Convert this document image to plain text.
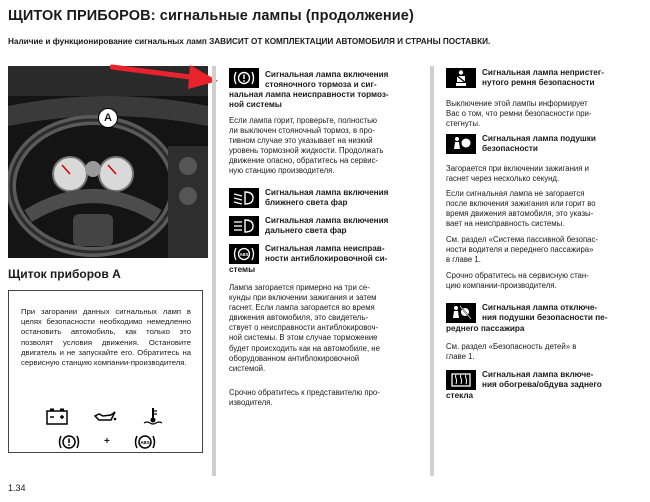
ЩИТОК ПРИБОРОВ: сигнальные лампы (продолжение)
Наличие и функционирование сигнальных ламп ЗАВИСИТ ОТ КОМПЛЕКТАЦИИ АВТОМОБИЛЯ И СТРАНЫ ПОСТАВКИ.
A
Щиток приборов А
При загорании данных сигнальных ламп в целях безопасности необходимо немедленно остановить автомобиль, как только это позволят условия движения. Остановите двигатель и не запускайте его. Обратитесь на сервисную станцию компании-производителя.
+	ABS
1.34
Сигнальная лампа включения
стояночного тормоза и сиг-
нальная лампа неисправности тормоз-
ной системы
Если лампа горит, проверьте, полностью
ли выключен стояночный тормоз, в про-
тивном случае это указывает на низкий
уровень тормозной жидкости. Продолжать
движение опасно, обратитесь на сервис-
ную станцию производителя.
Сигнальная лампа включения
ближнего света фар
Сигнальная лампа включения
дальнего света фар
ABS
Сигнальная лампа неисправ-
ности антиблокировочной си-
стемы
Лампа загорается примерно на три се-
кунды при включении зажигания и затем
гаснет. Если лампа загорается во время
движения автомобиля, это свидетель-
ствует о неисправности антиблокировоч-
ной системы. В этом случае торможение
будет происходить как на автомобиле, не
оборудованном антиблокировочной
системой.
Срочно обратитесь к представителю про-
изводителя.
Сигнальная лампа непристег-
нутого ремня безопасности
Выключение этой лампы информирует
Вас о том, что ремни безопасности при-
стегнуты.
Сигнальная лампа подушки
безопасности
Загорается при включении зажигания и
гаснет через несколько секунд.
Если сигнальная лампа не загорается
после включения зажигания или горит во
время движения автомобиля, это указы-
вает на неисправность системы.
См. раздел «Система пассивной безопас-
ности водителя и переднего пассажира»
в главе 1.
Срочно обратитесь на сервисную стан-
цию компании-производителя.
Сигнальная лампа отключе-
ния подушки безопасности пе-
реднего пассажира
См. раздел «Безопасность детей» в
главе 1.
Сигнальная лампа включе-
ния обогрева/обдува заднего
стекла
